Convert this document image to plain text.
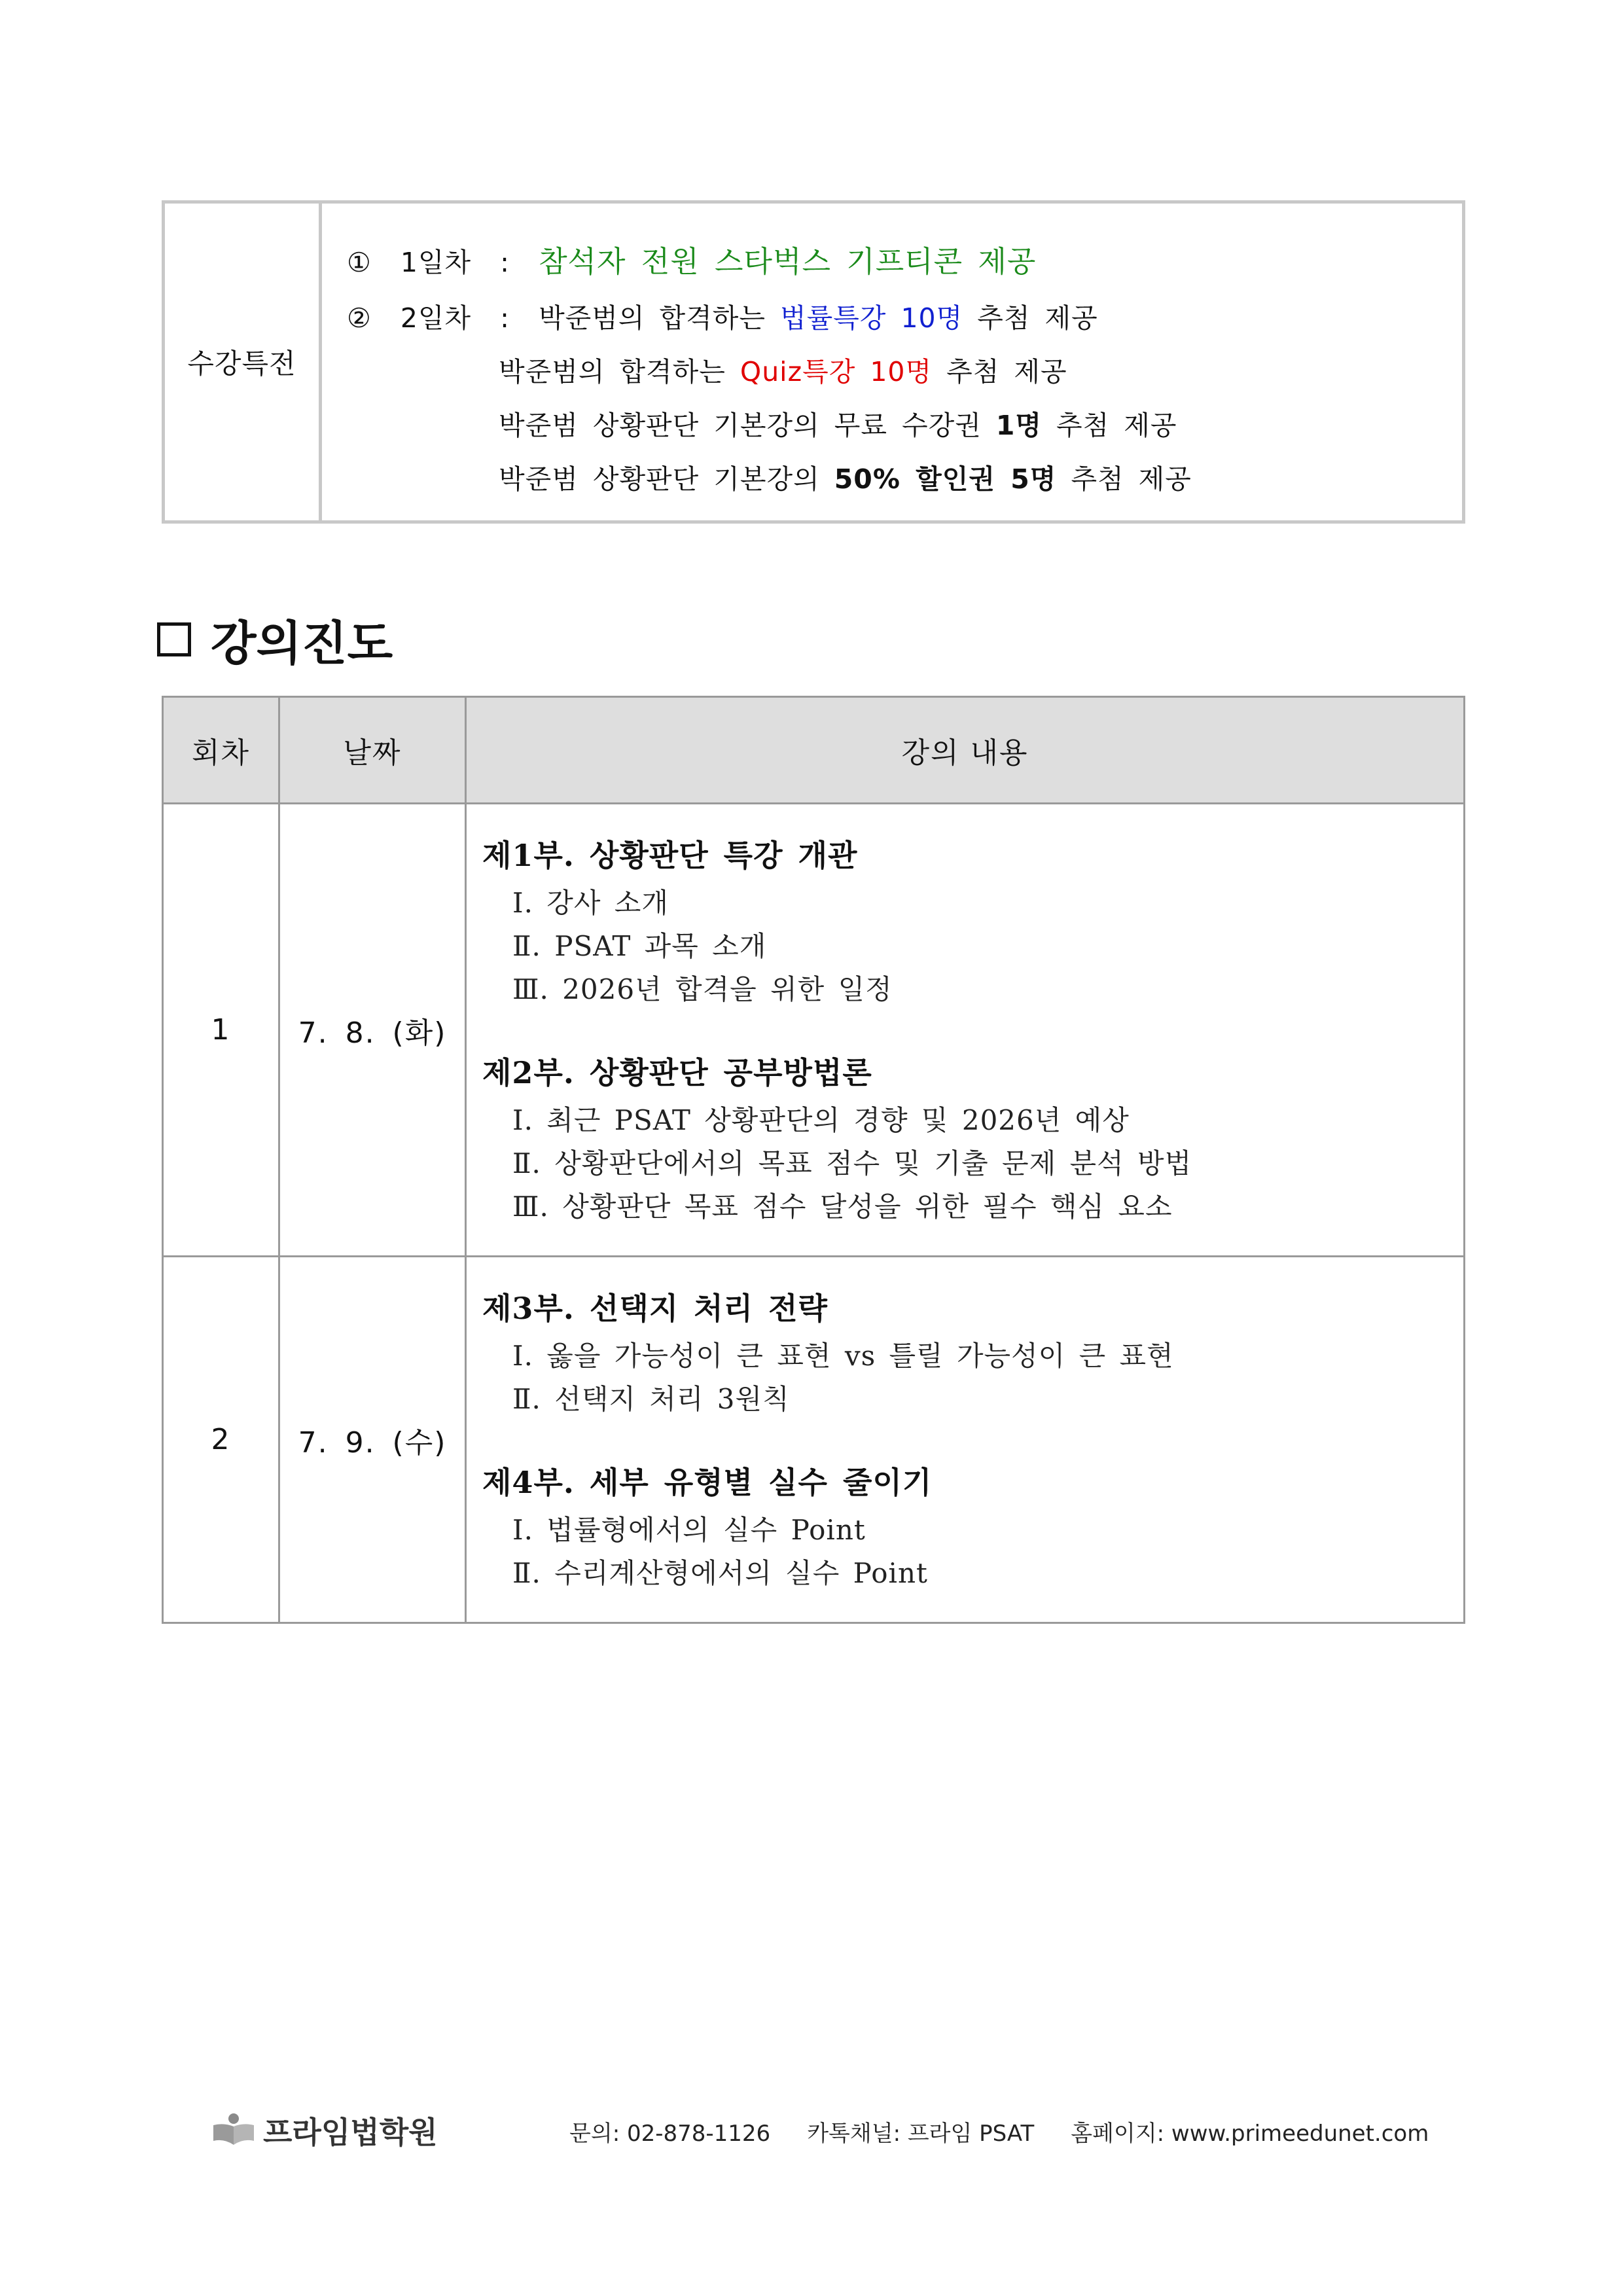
수강특전
①  1일차  :  참석자 전원 스타벅스 기프티콘 제공
②  2일차  :  박준범의 합격하는 법률특강 10명 추첨 제공
박준범의 합격하는 Quiz특강 10명 추첨 제공
박준범 상황판단 기본강의 무료 수강권 1명 추첨 제공
박준범 상황판단 기본강의 50% 할인권 5명 추첨 제공
강의진도
회차	날짜	강의 내용
1 7. 8. (화)
제1부. 상황판단 특강 개관
Ⅰ. 강사 소개
Ⅱ. PSAT 과목 소개
Ⅲ. 2026년 합격을 위한 일정
제2부. 상황판단 공부방법론
Ⅰ. 최근 PSAT 상황판단의 경향 및 2026년 예상
Ⅱ. 상황판단에서의 목표 점수 및 기출 문제 분석 방법
Ⅲ. 상황판단 목표 점수 달성을 위한 필수 핵심 요소
2 7. 9. (수)
제3부. 선택지 처리 전략
Ⅰ. 옳을 가능성이 큰 표현 vs 틀릴 가능성이 큰 표현
Ⅱ. 선택지 처리 3원칙
제4부. 세부 유형별 실수 줄이기
Ⅰ. 법률형에서의 실수 Point
Ⅱ. 수리계산형에서의 실수 Point
프라임법학원	문의: 02-878-1126 카톡채널: 프라임 PSAT 홈페이지: www.primeedunet.com
